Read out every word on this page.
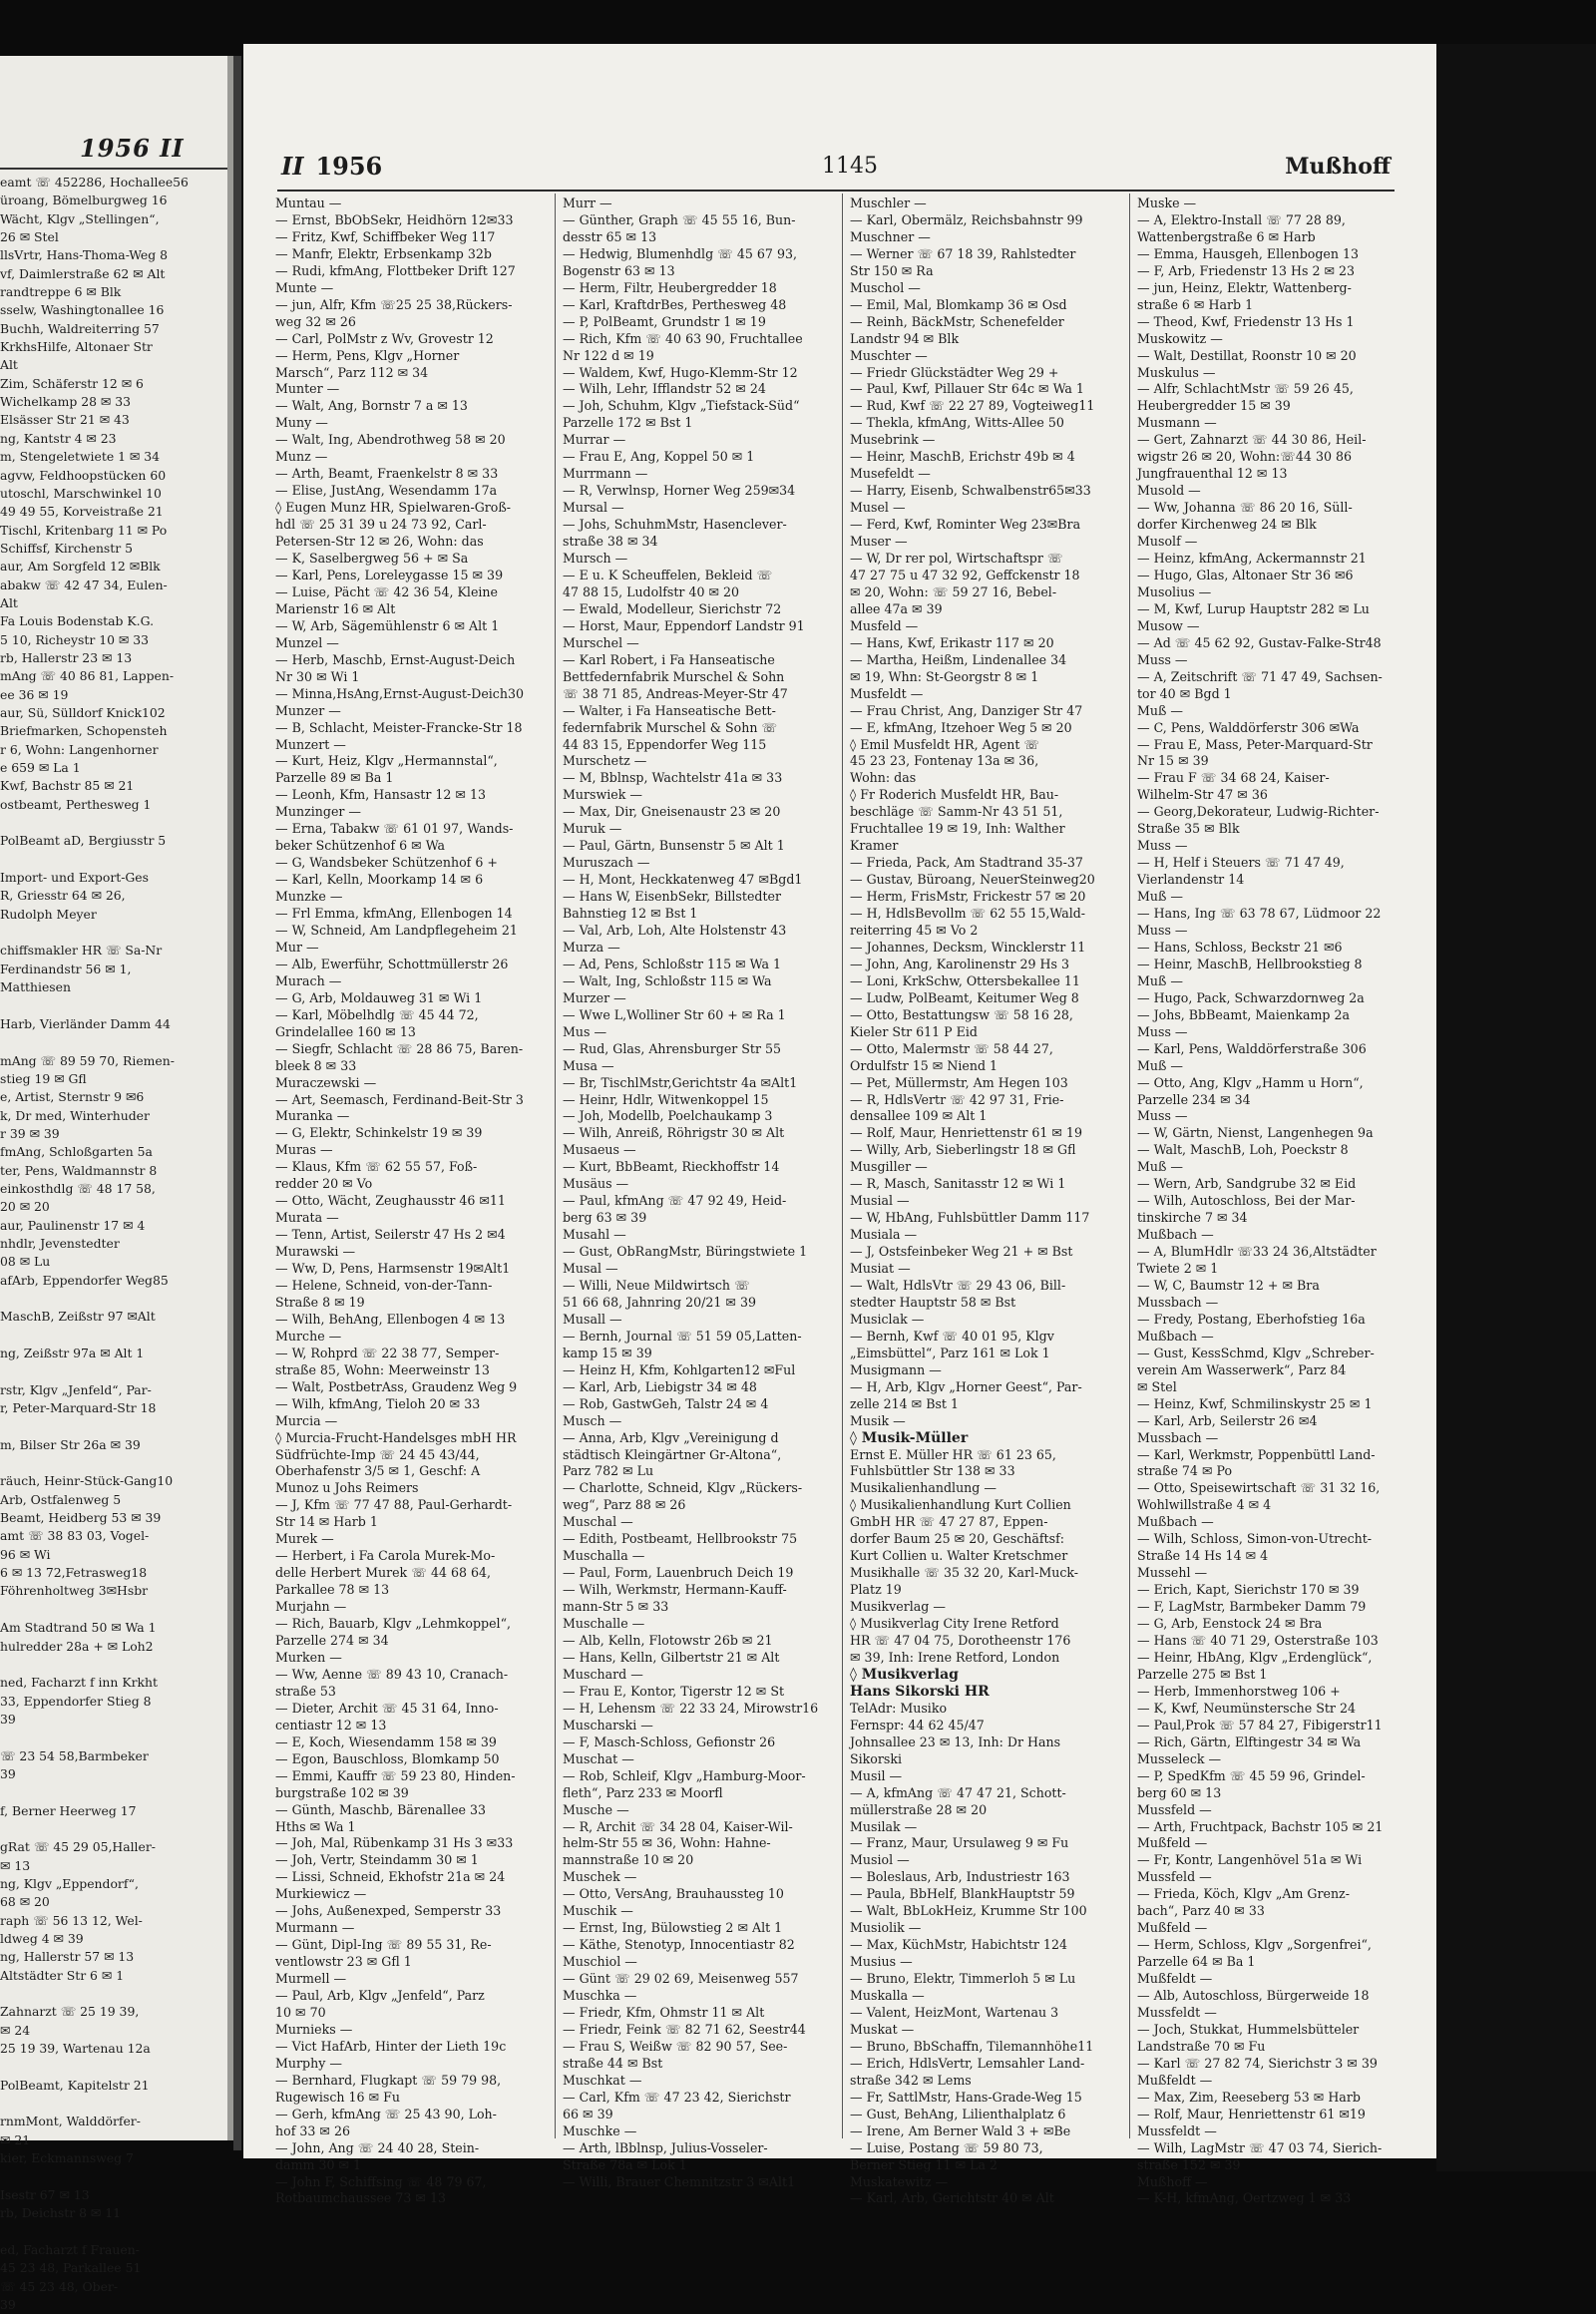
1956 II
eamt ☏ 452286, Hochallee56
üroang, Bömelburgweg 16
Wächt, Klgv „Stellingen“,
26 ✉ Stel
llsVrtr, Hans-Thoma-Weg 8
vf, Daimlerstraße 62 ✉ Alt
randtreppe 6 ✉ Blk
sselw, Washingtonallee 16
Buchh, Waldreiterring 57
KrkhsHilfe, Altonaer Str
Alt
Zim, Schäferstr 12 ✉ 6
Wichelkamp 28 ✉ 33
Elsässer Str 21 ✉ 43
ng, Kantstr 4 ✉ 23
m, Stengeletwiete 1 ✉ 34
agvw, Feldhoopstücken 60
utoschl, Marschwinkel 10
49 49 55, Korveistraße 21
Tischl, Kritenbarg 11 ✉ Po
Schiffsf, Kirchenstr 5
aur, Am Sorgfeld 12 ✉Blk
abakw ☏ 42 47 34, Eulen-
Alt
Fa Louis Bodenstab K.G.
5 10, Richeystr 10 ✉ 33
rb, Hallerstr 23 ✉ 13
mAng ☏ 40 86 81, Lappen-
ee 36 ✉ 19
aur, Sü, Sülldorf Knick102
Briefmarken, Schopensteh
r 6, Wohn: Langenhorner
e 659 ✉ La 1
Kwf, Bachstr 85 ✉ 21
ostbeamt, Perthesweg 1

PolBeamt aD, Bergiusstr 5

Import- und Export-Ges
R, Griesstr 64 ✉ 26,
Rudolph Meyer

chiffsmakler HR ☏ Sa-Nr
Ferdinandstr 56 ✉ 1,
Matthiesen

Harb, Vierländer Damm 44

mAng ☏ 89 59 70, Riemen-
stieg 19 ✉ Gfl
e, Artist, Sternstr 9 ✉6
k, Dr med, Winterhuder
r 39 ✉ 39
fmAng, Schloßgarten 5a
ter, Pens, Waldmannstr 8
einkosthdlg ☏ 48 17 58,
20 ✉ 20
aur, Paulinenstr 17 ✉ 4
nhdlr, Jevenstedter
08 ✉ Lu
afArb, Eppendorfer Weg85

MaschB, Zeißstr 97 ✉Alt

ng, Zeißstr 97a ✉ Alt 1

rstr, Klgv „Jenfeld“, Par-
r, Peter-Marquard-Str 18

m, Bilser Str 26a ✉ 39

räuch, Heinr-Stück-Gang10
Arb, Ostfalenweg 5
Beamt, Heidberg 53 ✉ 39
amt ☏ 38 83 03, Vogel-
96 ✉ Wi
6 ✉ 13 72,Fetrasweg18
Föhrenholtweg 3✉Hsbr

Am Stadtrand 50 ✉ Wa 1
hulredder 28a + ✉ Loh2

ned, Facharzt f inn Krkht
33, Eppendorfer Stieg 8
39

☏ 23 54 58,Barmbeker
39

f, Berner Heerweg 17

gRat ☏ 45 29 05,Haller-
✉ 13
ng, Klgv „Eppendorf“,
68 ✉ 20
raph ☏ 56 13 12, Wel-
ldweg 4 ✉ 39
ng, Hallerstr 57 ✉ 13
Altstädter Str 6 ✉ 1

Zahnarzt ☏ 25 19 39,
✉ 24
25 19 39, Wartenau 12a

PolBeamt, Kapitelstr 21

rnmMont, Walddörfer-
✉ 21
kier, Eckmannsweg 7

Isestr 67 ✉ 13
rb, Deichstr 8 ✉ 11

ed, Facharzt f Frauen-
45 23 48, Parkallee 51
☏ 45 23 48, Ober-
39
II 1956	1145	Mußhoff
Muntau —
— Ernst, BbObSekr, Heidhörn 12✉33
— Fritz, Kwf, Schiffbeker Weg 117
— Manfr, Elektr, Erbsenkamp 32b
— Rudi, kfmAng, Flottbeker Drift 127
Munte —
— jun, Alfr, Kfm ☏25 25 38,Rückers-
weg 32 ✉ 26
— Carl, PolMstr z Wv, Grovestr 12
— Herm, Pens, Klgv „Horner
Marsch“, Parz 112 ✉ 34
Munter —
— Walt, Ang, Bornstr 7 a ✉ 13
Muny —
— Walt, Ing, Abendrothweg 58 ✉ 20
Munz —
— Arth, Beamt, Fraenkelstr 8 ✉ 33
— Elise, JustAng, Wesendamm 17a
◊ Eugen Munz HR, Spielwaren-Groß-
hdl ☏ 25 31 39 u 24 73 92, Carl-
Petersen-Str 12 ✉ 26, Wohn: das
— K, Saselbergweg 56 + ✉ Sa
— Karl, Pens, Loreleygasse 15 ✉ 39
— Luise, Pächt ☏ 42 36 54, Kleine
Marienstr 16 ✉ Alt
— W, Arb, Sägemühlenstr 6 ✉ Alt 1
Munzel —
— Herb, Maschb, Ernst-August-Deich
Nr 30 ✉ Wi 1
— Minna,HsAng,Ernst-August-Deich30
Munzer —
— B, Schlacht, Meister-Francke-Str 18
Munzert —
— Kurt, Heiz, Klgv „Hermannstal“,
Parzelle 89 ✉ Ba 1
— Leonh, Kfm, Hansastr 12 ✉ 13
Munzinger —
— Erna, Tabakw ☏ 61 01 97, Wands-
beker Schützenhof 6 ✉ Wa
— G, Wandsbeker Schützenhof 6 +
— Karl, Kelln, Moorkamp 14 ✉ 6
Munzke —
— Frl Emma, kfmAng, Ellenbogen 14
— W, Schneid, Am Landpflegeheim 21
Mur —
— Alb, Ewerführ, Schottmüllerstr 26
Murach —
— G, Arb, Moldauweg 31 ✉ Wi 1
— Karl, Möbelhdlg ☏ 45 44 72,
Grindelallee 160 ✉ 13
— Siegfr, Schlacht ☏ 28 86 75, Baren-
bleek 8 ✉ 33
Muraczewski —
— Art, Seemasch, Ferdinand-Beit-Str 3
Muranka —
— G, Elektr, Schinkelstr 19 ✉ 39
Muras —
— Klaus, Kfm ☏ 62 55 57, Foß-
redder 20 ✉ Vo
— Otto, Wächt, Zeughausstr 46 ✉11
Murata —
— Tenn, Artist, Seilerstr 47 Hs 2 ✉4
Murawski —
— Ww, D, Pens, Harmsenstr 19✉Alt1
— Helene, Schneid, von-der-Tann-
Straße 8 ✉ 19
— Wilh, BehAng, Ellenbogen 4 ✉ 13
Murche —
— W, Rohprd ☏ 22 38 77, Semper-
straße 85, Wohn: Meerweinstr 13
— Walt, PostbetrAss, Graudenz Weg 9
— Wilh, kfmAng, Tieloh 20 ✉ 33
Murcia —
◊ Murcia-Frucht-Handelsges mbH HR
Südfrüchte-Imp ☏ 24 45 43/44,
Oberhafenstr 3/5 ✉ 1, Geschf: A
Munoz u Johs Reimers
— J, Kfm ☏ 77 47 88, Paul-Gerhardt-
Str 14 ✉ Harb 1
Murek —
— Herbert, i Fa Carola Murek-Mo-
delle Herbert Murek ☏ 44 68 64,
Parkallee 78 ✉ 13
Murjahn —
— Rich, Bauarb, Klgv „Lehmkoppel“,
Parzelle 274 ✉ 34
Murken —
— Ww, Aenne ☏ 89 43 10, Cranach-
straße 53
— Dieter, Archit ☏ 45 31 64, Inno-
centiastr 12 ✉ 13
— E, Koch, Wiesendamm 158 ✉ 39
— Egon, Bauschloss, Blomkamp 50
— Emmi, Kauffr ☏ 59 23 80, Hinden-
burgstraße 102 ✉ 39
— Günth, Maschb, Bärenallee 33
Hths ✉ Wa 1
— Joh, Mal, Rübenkamp 31 Hs 3 ✉33
— Joh, Vertr, Steindamm 30 ✉ 1
— Lissi, Schneid, Ekhofstr 21a ✉ 24
Murkiewicz —
— Johs, Außenexped, Semperstr 33
Murmann —
— Günt, Dipl-Ing ☏ 89 55 31, Re-
ventlowstr 23 ✉ Gfl 1
Murmell —
— Paul, Arb, Klgv „Jenfeld“, Parz
10 ✉ 70
Murnieks —
— Vict HafArb, Hinter der Lieth 19c
Murphy —
— Bernhard, Flugkapt ☏ 59 79 98,
Rugewisch 16 ✉ Fu
— Gerh, kfmAng ☏ 25 43 90, Loh-
hof 33 ✉ 26
— John, Ang ☏ 24 40 28, Stein-
damm 30 ✉ 1
— John F, Schiffsing ☏ 48 79 67,
Rotbaumchaussee 73 ✉ 13
Murr —
— Günther, Graph ☏ 45 55 16, Bun-
desstr 65 ✉ 13
— Hedwig, Blumenhdlg ☏ 45 67 93,
Bogenstr 63 ✉ 13
— Herm, Filtr, Heubergredder 18
— Karl, KraftdrBes, Perthesweg 48
— P, PolBeamt, Grundstr 1 ✉ 19
— Rich, Kfm ☏ 40 63 90, Fruchtallee
Nr 122 d ✉ 19
— Waldem, Kwf, Hugo-Klemm-Str 12
— Wilh, Lehr, Ifflandstr 52 ✉ 24
— Joh, Schuhm, Klgv „Tiefstack-Süd“
Parzelle 172 ✉ Bst 1
Murrar —
— Frau E, Ang, Koppel 50 ✉ 1
Murrmann —
— R, Verwlnsp, Horner Weg 259✉34
Mursal —
— Johs, SchuhmMstr, Hasenclever-
straße 38 ✉ 34
Mursch —
— E u. K Scheuffelen, Bekleid ☏
47 88 15, Ludolfstr 40 ✉ 20
— Ewald, Modelleur, Sierichstr 72
— Horst, Maur, Eppendorf Landstr 91
Murschel —
— Karl Robert, i Fa Hanseatische
Bettfedernfabrik Murschel & Sohn
☏ 38 71 85, Andreas-Meyer-Str 47
— Walter, i Fa Hanseatische Bett-
federnfabrik Murschel & Sohn ☏
44 83 15, Eppendorfer Weg 115
Murschetz —
— M, Bblnsp, Wachtelstr 41a ✉ 33
Murswiek —
— Max, Dir, Gneisenaustr 23 ✉ 20
Muruk —
— Paul, Gärtn, Bunsenstr 5 ✉ Alt 1
Muruszach —
— H, Mont, Heckkatenweg 47 ✉Bgd1
— Hans W, EisenbSekr, Billstedter
Bahnstieg 12 ✉ Bst 1
— Val, Arb, Loh, Alte Holstenstr 43
Murza —
— Ad, Pens, Schloßstr 115 ✉ Wa 1
— Walt, Ing, Schloßstr 115 ✉ Wa
Murzer —
— Wwe L,Wolliner Str 60 + ✉ Ra 1
Mus —
— Rud, Glas, Ahrensburger Str 55
Musa —
— Br, TischlMstr,Gerichtstr 4a ✉Alt1
— Heinr, Hdlr, Witwenkoppel 15
— Joh, Modellb, Poelchaukamp 3
— Wilh, Anreiß, Röhrigstr 30 ✉ Alt
Musaeus —
— Kurt, BbBeamt, Rieckhoffstr 14
Musäus —
— Paul, kfmAng ☏ 47 92 49, Heid-
berg 63 ✉ 39
Musahl —
— Gust, ObRangMstr, Büringstwiete 1
Musal —
— Willi, Neue Mildwirtsch ☏
51 66 68, Jahnring 20/21 ✉ 39
Musall —
— Bernh, Journal ☏ 51 59 05,Latten-
kamp 15 ✉ 39
— Heinz H, Kfm, Kohlgarten12 ✉Ful
— Karl, Arb, Liebigstr 34 ✉ 48
— Rob, GastwGeh, Talstr 24 ✉ 4
Musch —
— Anna, Arb, Klgv „Vereinigung d
städtisch Kleingärtner Gr-Altona“,
Parz 782 ✉ Lu
— Charlotte, Schneid, Klgv „Rückers-
weg“, Parz 88 ✉ 26
Muschal —
— Edith, Postbeamt, Hellbrookstr 75
Muschalla —
— Paul, Form, Lauenbruch Deich 19
— Wilh, Werkmstr, Hermann-Kauff-
mann-Str 5 ✉ 33
Muschalle —
— Alb, Kelln, Flotowstr 26b ✉ 21
— Hans, Kelln, Gilbertstr 21 ✉ Alt
Muschard —
— Frau E, Kontor, Tigerstr 12 ✉ St
— H, Lehensm ☏ 22 33 24, Mirowstr16
Muscharski —
— F, Masch-Schloss, Gefionstr 26
Muschat —
— Rob, Schleif, Klgv „Hamburg-Moor-
fleth“, Parz 233 ✉ Moorfl
Musche —
— R, Archit ☏ 34 28 04, Kaiser-Wil-
helm-Str 55 ✉ 36, Wohn: Hahne-
mannstraße 10 ✉ 20
Muschek —
— Otto, VersAng, Brauhaussteg 10
Muschik —
— Ernst, Ing, Bülowstieg 2 ✉ Alt 1
— Käthe, Stenotyp, Innocentiastr 82
Muschiol —
— Günt ☏ 29 02 69, Meisenweg 557
Muschka —
— Friedr, Kfm, Ohmstr 11 ✉ Alt
— Friedr, Feink ☏ 82 71 62, Seestr44
— Frau S, Weißw ☏ 82 90 57, See-
straße 44 ✉ Bst
Muschkat —
— Carl, Kfm ☏ 47 23 42, Sierichstr
66 ✉ 39
Muschke —
— Arth, lBblnsp, Julius-Vosseler-
Straße 78a ✉ Lok 1
— Willi, Brauer Chemnitzstr 3 ✉Alt1
Muschler —
— Karl, Obermälz, Reichsbahnstr 99
Muschner —
— Werner ☏ 67 18 39, Rahlstedter
Str 150 ✉ Ra
Muschol —
— Emil, Mal, Blomkamp 36 ✉ Osd
— Reinh, BäckMstr, Schenefelder
Landstr 94 ✉ Blk
Muschter —
— Friedr Glückstädter Weg 29 +
— Paul, Kwf, Pillauer Str 64c ✉ Wa 1
— Rud, Kwf ☏ 22 27 89, Vogteiweg11
— Thekla, kfmAng, Witts-Allee 50
Musebrink —
— Heinr, MaschB, Erichstr 49b ✉ 4
Musefeldt —
— Harry, Eisenb, Schwalbenstr65✉33
Musel —
— Ferd, Kwf, Rominter Weg 23✉Bra
Muser —
— W, Dr rer pol, Wirtschaftspr ☏
47 27 75 u 47 32 92, Geffckenstr 18
✉ 20, Wohn: ☏ 59 27 16, Bebel-
allee 47a ✉ 39
Musfeld —
— Hans, Kwf, Erikastr 117 ✉ 20
— Martha, Heißm, Lindenallee 34
✉ 19, Whn: St-Georgstr 8 ✉ 1
Musfeldt —
— Frau Christ, Ang, Danziger Str 47
— E, kfmAng, Itzehoer Weg 5 ✉ 20
◊ Emil Musfeldt HR, Agent ☏
45 23 23, Fontenay 13a ✉ 36,
Wohn: das
◊ Fr Roderich Musfeldt HR, Bau-
beschläge ☏ Samm-Nr 43 51 51,
Fruchtallee 19 ✉ 19, Inh: Walther
Kramer
— Frieda, Pack, Am Stadtrand 35-37
— Gustav, Büroang, NeuerSteinweg20
— Herm, FrisMstr, Frickestr 57 ✉ 20
— H, HdlsBevollm ☏ 62 55 15,Wald-
reiterring 45 ✉ Vo 2
— Johannes, Decksm, Wincklerstr 11
— John, Ang, Karolinenstr 29 Hs 3
— Loni, KrkSchw, Ottersbekallee 11
— Ludw, PolBeamt, Keitumer Weg 8
— Otto, Bestattungsw ☏ 58 16 28,
Kieler Str 611 P Eid
— Otto, Malermstr ☏ 58 44 27,
Ordulfstr 15 ✉ Niend 1
— Pet, Müllermstr, Am Hegen 103
— R, HdlsVertr ☏ 42 97 31, Frie-
densallee 109 ✉ Alt 1
— Rolf, Maur, Henriettenstr 61 ✉ 19
— Willy, Arb, Sieberlingstr 18 ✉ Gfl
Musgiller —
— R, Masch, Sanitasstr 12 ✉ Wi 1
Musial —
— W, HbAng, Fuhlsbüttler Damm 117
Musiala —
— J, Ostsfeinbeker Weg 21 + ✉ Bst
Musiat —
— Walt, HdlsVtr ☏ 29 43 06, Bill-
stedter Hauptstr 58 ✉ Bst
Musiclak —
— Bernh, Kwf ☏ 40 01 95, Klgv
„Eimsbüttel“, Parz 161 ✉ Lok 1
Musigmann —
— H, Arb, Klgv „Horner Geest“, Par-
zelle 214 ✉ Bst 1
Musik —
◊ Musik-Müller
Ernst E. Müller HR ☏ 61 23 65,
Fuhlsbüttler Str 138 ✉ 33
Musikalienhandlung —
◊ Musikalienhandlung Kurt Collien
GmbH HR ☏ 47 27 87, Eppen-
dorfer Baum 25 ✉ 20, Geschäftsf:
Kurt Collien u. Walter Kretschmer
Musikhalle ☏ 35 32 20, Karl-Muck-
Platz 19
Musikverlag —
◊ Musikverlag City Irene Retford
HR ☏ 47 04 75, Dorotheenstr 176
✉ 39, Inh: Irene Retford, London
◊ Musikverlag
Hans Sikorski HR
TelAdr: Musiko
Fernspr: 44 62 45/47
Johnsallee 23 ✉ 13, Inh: Dr Hans
Sikorski
Musil —
— A, kfmAng ☏ 47 47 21, Schott-
müllerstraße 28 ✉ 20
Musilak —
— Franz, Maur, Ursulaweg 9 ✉ Fu
Musiol —
— Boleslaus, Arb, Industriestr 163
— Paula, BbHelf, BlankHauptstr 59
— Walt, BbLokHeiz, Krumme Str 100
Musiolik —
— Max, KüchMstr, Habichtstr 124
Musius —
— Bruno, Elektr, Timmerloh 5 ✉ Lu
Muskalla —
— Valent, HeizMont, Wartenau 3
Muskat —
— Bruno, BbSchaffn, Tilemannhöhe11
— Erich, HdlsVertr, Lemsahler Land-
straße 342 ✉ Lems
— Fr, SattlMstr, Hans-Grade-Weg 15
— Gust, BehAng, Lilienthalplatz 6
— Irene, Am Berner Wald 3 + ✉Be
— Luise, Postang ☏ 59 80 73,
Berner Stieg 11 ✉ La 2
Muskatewitz —
— Karl, Arb, Gerichtstr 40 ✉ Alt
Muske —
— A, Elektro-Install ☏ 77 28 89,
Wattenbergstraße 6 ✉ Harb
— Emma, Hausgeh, Ellenbogen 13
— F, Arb, Friedenstr 13 Hs 2 ✉ 23
— jun, Heinz, Elektr, Wattenberg-
straße 6 ✉ Harb 1
— Theod, Kwf, Friedenstr 13 Hs 1
Muskowitz —
— Walt, Destillat, Roonstr 10 ✉ 20
Muskulus —
— Alfr, SchlachtMstr ☏ 59 26 45,
Heubergredder 15 ✉ 39
Musmann —
— Gert, Zahnarzt ☏ 44 30 86, Heil-
wigstr 26 ✉ 20, Wohn:☏44 30 86
Jungfrauenthal 12 ✉ 13
Musold —
— Ww, Johanna ☏ 86 20 16, Süll-
dorfer Kirchenweg 24 ✉ Blk
Musolf —
— Heinz, kfmAng, Ackermannstr 21
— Hugo, Glas, Altonaer Str 36 ✉6
Musolius —
— M, Kwf, Lurup Hauptstr 282 ✉ Lu
Musow —
— Ad ☏ 45 62 92, Gustav-Falke-Str48
Muss —
— A, Zeitschrift ☏ 71 47 49, Sachsen-
tor 40 ✉ Bgd 1
Muß —
— C, Pens, Walddörferstr 306 ✉Wa
— Frau E, Mass, Peter-Marquard-Str
Nr 15 ✉ 39
— Frau F ☏ 34 68 24, Kaiser-
Wilhelm-Str 47 ✉ 36
— Georg,Dekorateur, Ludwig-Richter-
Straße 35 ✉ Blk
Muss —
— H, Helf i Steuers ☏ 71 47 49,
Vierlandenstr 14
Muß —
— Hans, Ing ☏ 63 78 67, Lüdmoor 22
Muss —
— Hans, Schloss, Beckstr 21 ✉6
— Heinr, MaschB, Hellbrookstieg 8
Muß —
— Hugo, Pack, Schwarzdornweg 2a
— Johs, BbBeamt, Maienkamp 2a
Muss —
— Karl, Pens, Walddörferstraße 306
Muß —
— Otto, Ang, Klgv „Hamm u Horn“,
Parzelle 234 ✉ 34
Muss —
— W, Gärtn, Nienst, Langenhegen 9a
— Walt, MaschB, Loh, Poeckstr 8
Muß —
— Wern, Arb, Sandgrube 32 ✉ Eid
— Wilh, Autoschloss, Bei der Mar-
tinskirche 7 ✉ 34
Mußbach —
— A, BlumHdlr ☏33 24 36,Altstädter
Twiete 2 ✉ 1
— W, C, Baumstr 12 + ✉ Bra
Mussbach —
— Fredy, Postang, Eberhofstieg 16a
Mußbach —
— Gust, KessSchmd, Klgv „Schreber-
verein Am Wasserwerk“, Parz 84
✉ Stel
— Heinz, Kwf, Schmilinskystr 25 ✉ 1
— Karl, Arb, Seilerstr 26 ✉4
Mussbach —
— Karl, Werkmstr, Poppenbüttl Land-
straße 74 ✉ Po
— Otto, Speisewirtschaft ☏ 31 32 16,
Wohlwillstraße 4 ✉ 4
Mußbach —
— Wilh, Schloss, Simon-von-Utrecht-
Straße 14 Hs 14 ✉ 4
Mussehl —
— Erich, Kapt, Sierichstr 170 ✉ 39
— F, LagMstr, Barmbeker Damm 79
— G, Arb, Eenstock 24 ✉ Bra
— Hans ☏ 40 71 29, Osterstraße 103
— Heinr, HbAng, Klgv „Erdenglück“,
Parzelle 275 ✉ Bst 1
— Herb, Immenhorstweg 106 +
— K, Kwf, Neumünstersche Str 24
— Paul,Prok ☏ 57 84 27, Fibigerstr11
— Rich, Gärtn, Elftingestr 34 ✉ Wa
Musseleck —
— P, SpedKfm ☏ 45 59 96, Grindel-
berg 60 ✉ 13
Mussfeld —
— Arth, Fruchtpack, Bachstr 105 ✉ 21
Mußfeld —
— Fr, Kontr, Langenhövel 51a ✉ Wi
Mussfeld —
— Frieda, Köch, Klgv „Am Grenz-
bach“, Parz 40 ✉ 33
Mußfeld —
— Herm, Schloss, Klgv „Sorgenfrei“,
Parzelle 64 ✉ Ba 1
Mußfeldt —
— Alb, Autoschloss, Bürgerweide 18
Mussfeldt —
— Joch, Stukkat, Hummelsbütteler
Landstraße 70 ✉ Fu
— Karl ☏ 27 82 74, Sierichstr 3 ✉ 39
Mußfeldt —
— Max, Zim, Reeseberg 53 ✉ Harb
— Rolf, Maur, Henriettenstr 61 ✉19
Mussfeldt —
— Wilh, LagMstr ☏ 47 03 74, Sierich-
straße 152 ✉ 39
Mußhoff —
— K-H, kfmAng, Oertzweg 1 ✉ 33
